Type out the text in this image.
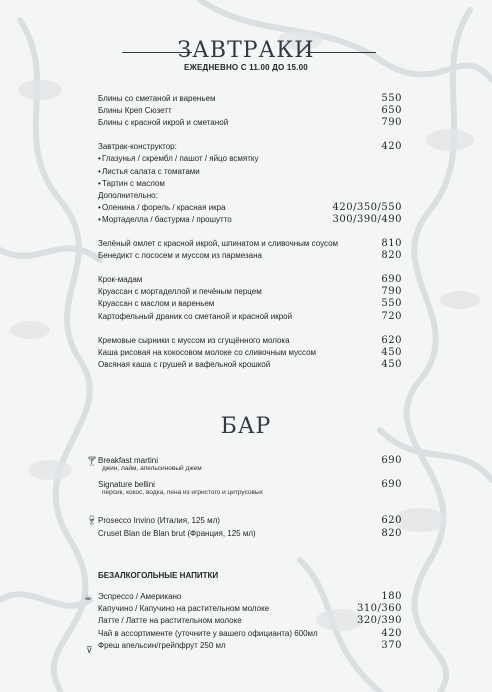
ЗАВТРАКИ
ЕЖЕДНЕВНО С 11.00 ДО 15.00
Блины со сметаной и вареньем	550
Блины Креп Сюзетт	650
Блины с красной икрой и сметаной	790
Завтрак-конструктор:	420
• Глазунья / скрембл / пашот / яйцо всмятку
• Листья салата с томатами
• Тартин с маслом
Дополнительно:
• Оленина / форель / красная икра	420/350/550
• Мортаделла / бастурма / прошутто	300/390/490
Зелёный омлет с красной икрой, шпинатом и сливочным соусом	810
Бенедикт с лососем и муссом из пармезана	820
Крок-мадам	690
Круассан с мортаделлой и печёным перцем	790
Круассан с маслом и вареньем	550
Картофельный драник со сметаной и красной икрой	720
Кремовые сырники с муссом из сгущённого молока	620
Каша рисовая на кокосовом молоке со сливочным муссом	450
Овсяная каша с грушей и вафельной крошкой	450
БАР
🍸︎
🍷︎
Breakfast martini	690
джин, лайм, апельсиновый джем
Signature bellini	690
персик, кокос, водка, пена из игристого и цитрусовых
Prosecco Invino (Италия, 125 мл)	620
Cruset Blan de Blan brut (Франция, 125 мл)	820
БЕЗАЛКОГОЛЬНЫЕ НАПИТКИ
☕︎
⊽
Эспрессо / Американо	180
Капучино / Капучино на растительном молоке	310/360
Латте / Латте на растительном молоке	320/390
Чай в ассортименте (уточните у вашего официанта) 600мл	420
Фреш апельсин/грейпфрут 250 мл	370
